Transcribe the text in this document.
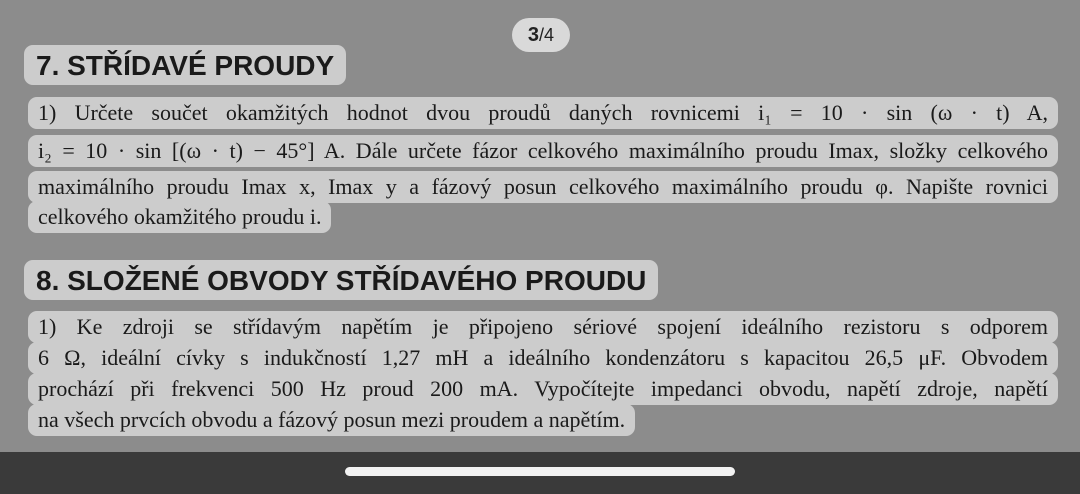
3/4
7. STŘÍDAVÉ PROUDY
1) Určete součet okamžitých hodnot dvou proudů daných rovnicemi i₁ = 10 · sin (ω · t) A,
i₂ = 10 · sin [(ω · t) − 45°] A. Dále určete fázor celkového maximálního proudu Imax, složky celkového
maximálního proudu Imax x, Imax y a fázový posun celkového maximálního proudu φ. Napište rovnici
celkového okamžitého proudu i.
8. SLOŽENÉ OBVODY STŘÍDAVÉHO PROUDU
1) Ke zdroji se střídavým napětím je připojeno sériové spojení ideálního rezistoru s odporem
6 Ω, ideální cívky s indukčností 1,27 mH a ideálního kondenzátoru s kapacitou 26,5 μF. Obvodem
prochází při frekvenci 500 Hz proud 200 mA. Vypočítejte impedanci obvodu, napětí zdroje, napětí
na všech prvcích obvodu a fázový posun mezi proudem a napětím.
